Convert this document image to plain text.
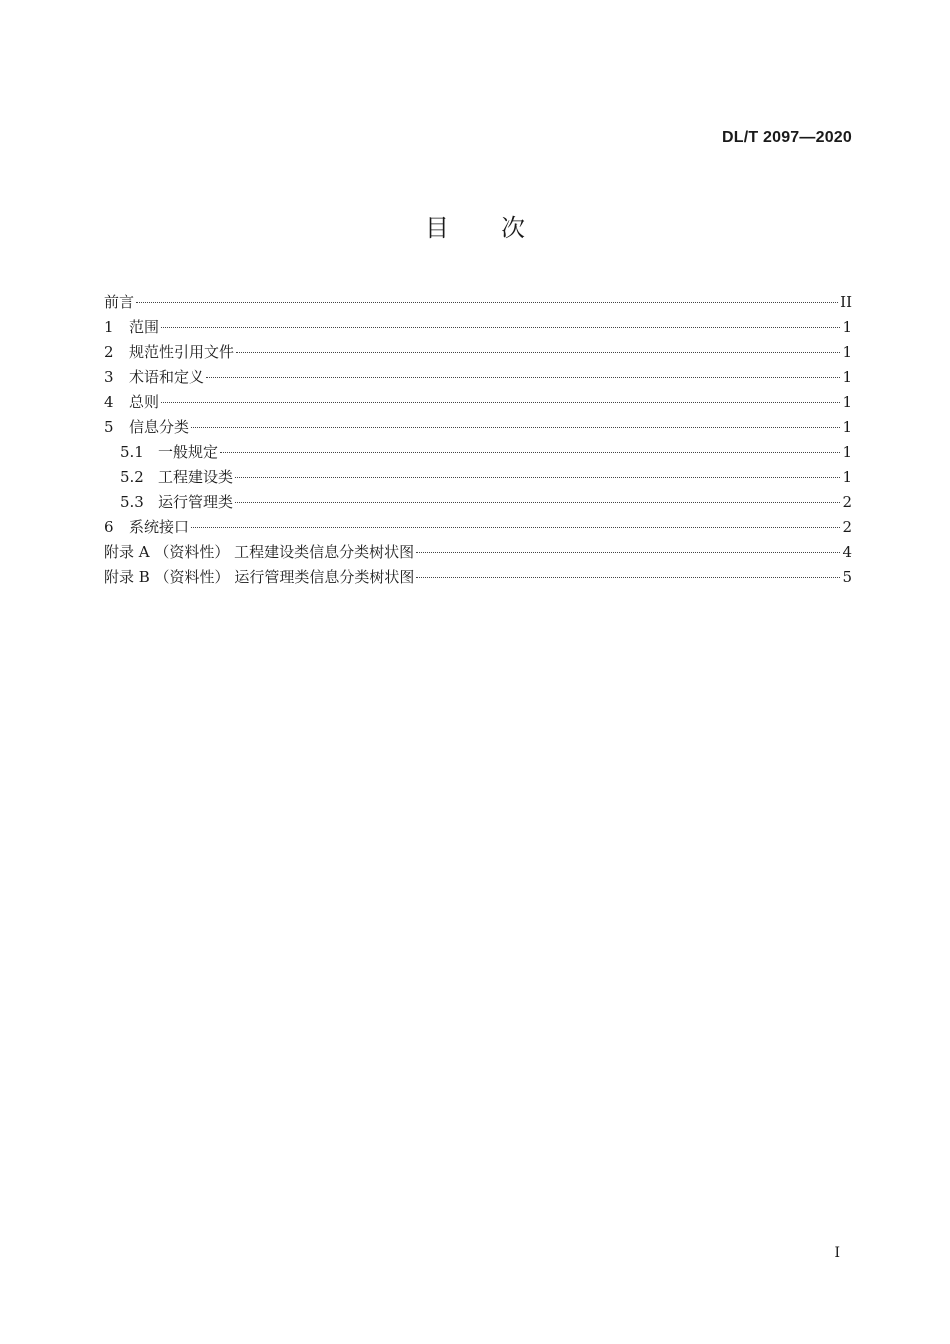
DL/T 2097—2020
目 次
前言	II
1	范围	1
2	规范性引用文件	1
3	术语和定义	1
4	总则	1
5	信息分类	1
5.1 一般规定	1
5.2 工程建设类	1
5.3 运行管理类	2
6	系统接口	2
附录 A （资料性） 工程建设类信息分类树状图	4
附录 B （资料性） 运行管理类信息分类树状图	5
I
